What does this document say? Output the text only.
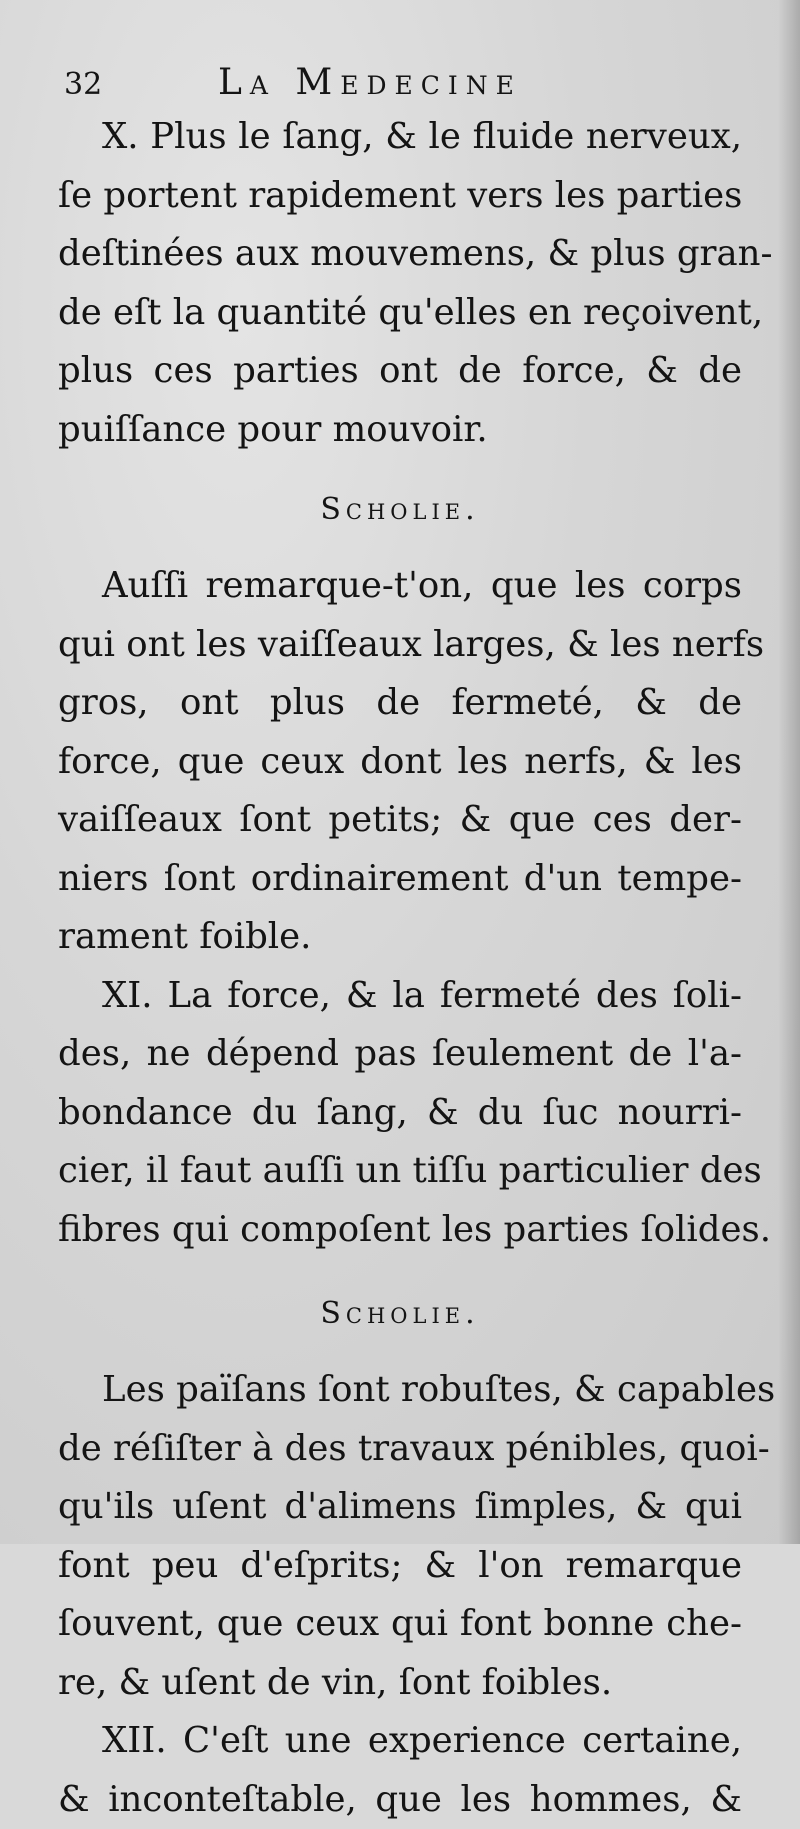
32	La Medecine
X. Plus le ſang, & le fluide nerveux,
ſe portent rapidement vers les parties
deſtinées aux mouvemens, & plus gran-
de eſt la quantité qu'elles en reçoivent,
plus ces parties ont de force, & de
puiſſance pour mouvoir.
Scholie.
Auſſi remarque-t'on, que les corps
qui ont les vaiſſeaux larges, & les nerfs
gros, ont plus de fermeté, & de
force, que ceux dont les nerfs, & les
vaiſſeaux ſont petits; & que ces der-
niers ſont ordinairement d'un tempe-
rament foible.
XI. La force, & la fermeté des ſoli-
des, ne dépend pas ſeulement de l'a-
bondance du ſang, & du ſuc nourri-
cier, il faut auſſi un tiſſu particulier des
fibres qui compoſent les parties ſolides.
Scholie.
Les païſans ſont robuſtes, & capables
de réſiſter à des travaux pénibles, quoi-
qu'ils uſent d'alimens ſimples, & qui
font peu d'eſprits; & l'on remarque
ſouvent, que ceux qui font bonne che-
re, & uſent de vin, ſont foibles.
XII. C'eſt une experience certaine,
& inconteſtable, que les hommes, &
